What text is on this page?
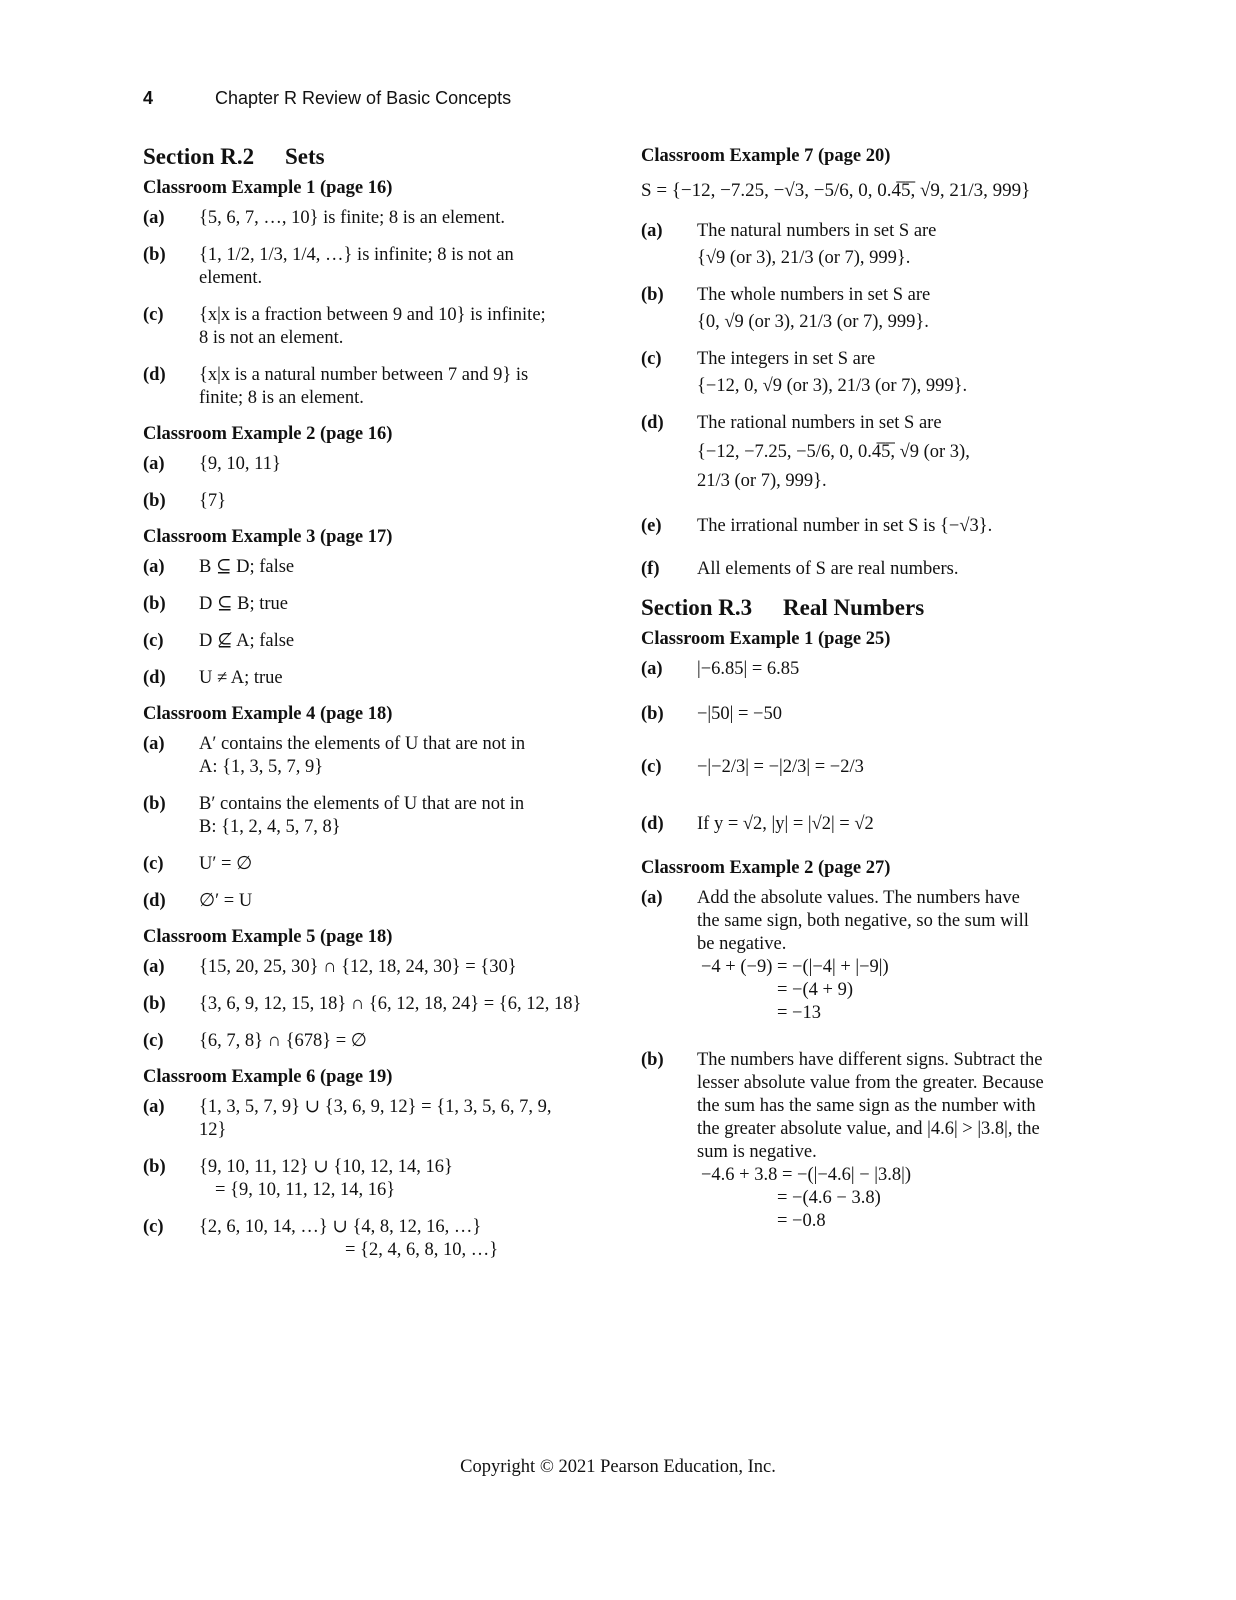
4	Chapter R Review of Basic Concepts
Section R.2 Sets
Classroom Example 1 (page 16)
(a)	{5, 6, 7, …, 10} is finite; 8 is an element.
(b)	{1, 1/2, 1/3, 1/4, …} is infinite; 8 is not an
element.
(c)	{x|x is a fraction between 9 and 10} is infinite;
8 is not an element.
(d)	{x|x is a natural number between 7 and 9} is
finite; 8 is an element.
Classroom Example 2 (page 16)
(a)	{9, 10, 11}
(b)	{7}
Classroom Example 3 (page 17)
(a)	B ⊆ D; false
(b)	D ⊆ B; true
(c)	D ⊈ A; false
(d)	U ≠ A; true
Classroom Example 4 (page 18)
(a)	A′ contains the elements of U that are not in
A: {1, 3, 5, 7, 9}
(b)	B′ contains the elements of U that are not in
B: {1, 2, 4, 5, 7, 8}
(c)	U′ = ∅
(d)	∅′ = U
Classroom Example 5 (page 18)
(a)	{15, 20, 25, 30} ∩ {12, 18, 24, 30} = {30}
(b)	{3, 6, 9, 12, 15, 18} ∩ {6, 12, 18, 24} = {6, 12, 18}
(c)	{6, 7, 8} ∩ {678} = ∅
Classroom Example 6 (page 19)
(a)	{1, 3, 5, 7, 9} ∪ {3, 6, 9, 12} = {1, 3, 5, 6, 7, 9, 12}
(b)	{9, 10, 11, 12} ∪ {10, 12, 14, 16}
= {9, 10, 11, 12, 14, 16}
(c)	{2, 6, 10, 14, …} ∪ {4, 8, 12, 16, …}
= {2, 4, 6, 8, 10, …}
Classroom Example 7 (page 20)
S = {−12, −7.25, −√3, −5/6, 0, 0.4̅5̅, √9, 21/3, 999}
(a)	The natural numbers in set S are
{√9 (or 3), 21/3 (or 7), 999}.
(b)	The whole numbers in set S are
{0, √9 (or 3), 21/3 (or 7), 999}.
(c)	The integers in set S are
{−12, 0, √9 (or 3), 21/3 (or 7), 999}.
(d)	The rational numbers in set S are
{−12, −7.25, −5/6, 0, 0.4̅5̅, √9 (or 3),
21/3 (or 7), 999}.
(e)	The irrational number in set S is {−√3}.
(f)	All elements of S are real numbers.
Section R.3 Real Numbers
Classroom Example 1 (page 25)
(a)	|−6.85| = 6.85
(b)	−|50| = −50
(c)	−|−2/3| = −|2/3| = −2/3
(d)	If y = √2, |y| = |√2| = √2
Classroom Example 2 (page 27)
(a)	Add the absolute values. The numbers have
the same sign, both negative, so the sum will
be negative.
−4 + (−9) = −(|−4| + |−9|)
= −(4 + 9)
= −13
(b)	The numbers have different signs. Subtract the
lesser absolute value from the greater. Because
the sum has the same sign as the number with
the greater absolute value, and |4.6| > |3.8|, the
sum is negative.
−4.6 + 3.8 = −(|−4.6| − |3.8|)
= −(4.6 − 3.8)
= −0.8
Copyright © 2021 Pearson Education, Inc.
